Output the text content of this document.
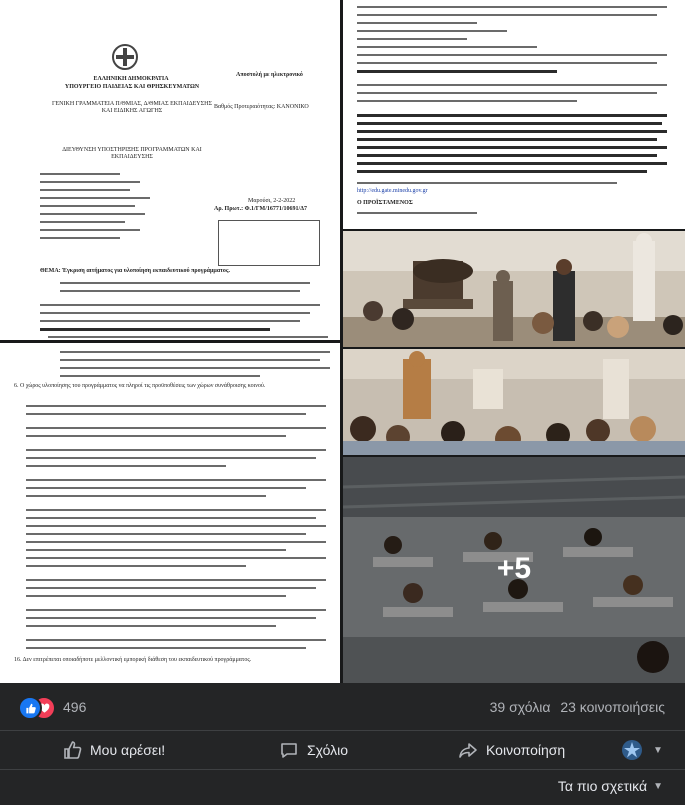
ΕΛΛΗΝΙΚΗ ΔΗΜΟΚΡΑΤΙΑ
ΥΠΟΥΡΓΕΙΟ ΠΑΙΔΕΙΑΣ ΚΑΙ ΘΡΗΣΚΕΥΜΑΤΩΝ
ΓΕΝΙΚΗ ΓΡΑΜΜΑΤΕΙΑ Π/ΘΜΙΑΣ, Δ/ΘΜΙΑΣ ΕΚΠΑΙΔΕΥΣΗΣ ΚΑΙ ΕΙΔΙΚΗΣ ΑΓΩΓΗΣ
ΔΙΕΥΘΥΝΣΗ ΥΠΟΣΤΗΡΙΞΗΣ ΠΡΟΓΡΑΜΜΑΤΩΝ ΚΑΙ ΕΚΠΑΙΔΕΥΣΗΣ
Αποστολή με ηλεκτρονικό
Βαθμός Προτεραιότητας: ΚΑΝΟΝΙΚΟ
Μαρούσι, 2-2-2022
Αρ. Πρωτ.: Φ.1/ΓΜ/16771/10691/Δ7
ΘΕΜΑ: Έγκριση αιτήματος για υλοποίηση εκπαιδευτικού προγράμματος.
http://edu.gate.minedu.gov.gr
Ο ΠΡΟΪΣΤΑΜΕΝΟΣ
6. Ο χώρος υλοποίησης του προγράμματος να πληροί τις προϋποθέσεις των χώρων συνάθροισης κοινού.
16. Δεν επιτρέπεται οποιαδήποτε μελλοντική εμπορική διάθεση του εκπαιδευτικού προγράμματος.
+5
496	39 σχόλια 23 κοινοποιήσεις
Μου αρέσει!	Σχόλιο	Κοινοποίηση	▼
Τα πιο σχετικά ▼
